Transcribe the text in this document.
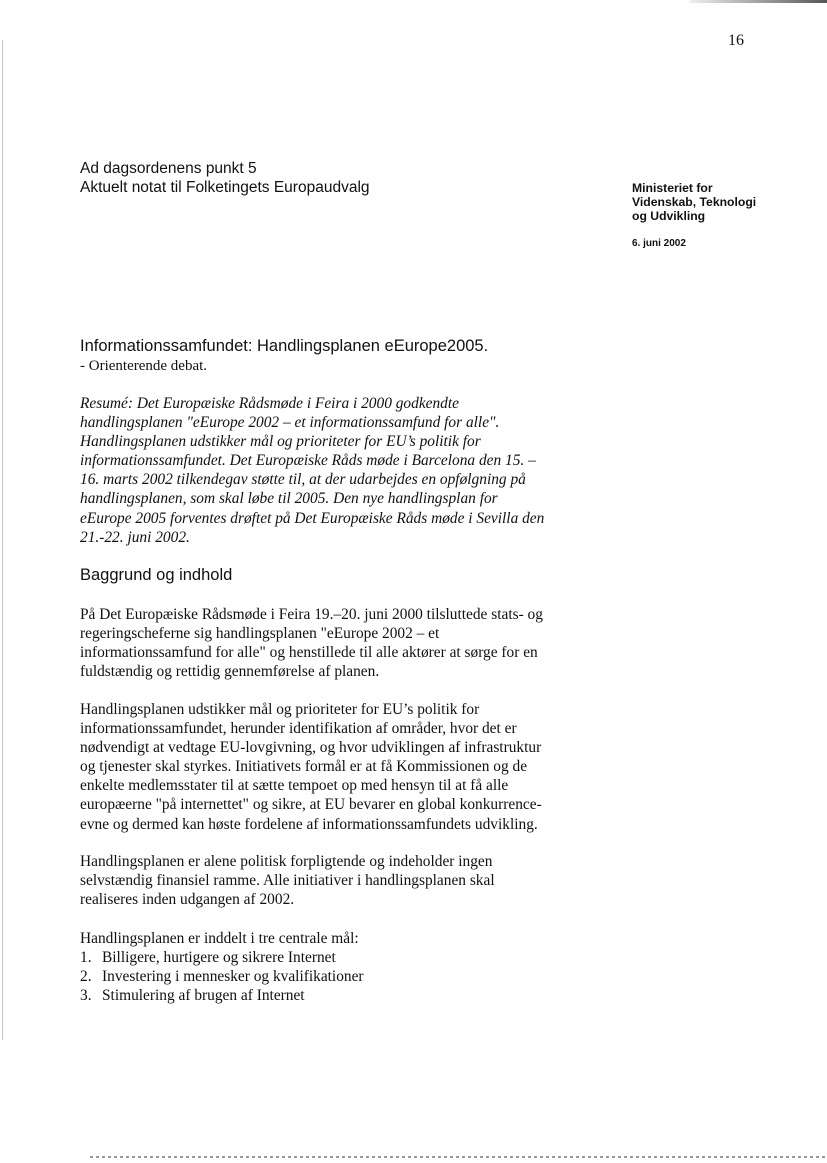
16
Ad dagsordenens punkt 5
Aktuelt notat til Folketingets Europaudvalg	Ministeriet for
Videnskab, Teknologi
og Udvikling
6. juni 2002
Informationssamfundet: Handlingsplanen eEurope2005.
- Orienterende debat.

Resumé: Det Europæiske Rådsmøde i Feira i 2000 godkendte

handlingsplanen "eEurope 2002 – et informationssamfund for alle".

Handlingsplanen udstikker mål og prioriteter for EU’s politik for

informationssamfundet. Det Europæiske Råds møde i Barcelona den 15. –

16. marts 2002 tilkendegav støtte til, at der udarbejdes en opfølgning på

handlingsplanen, som skal løbe til 2005. Den nye handlingsplan for

eEurope 2005 forventes drøftet på Det Europæiske Råds møde i Sevilla den

21.-22. juni 2002.

Baggrund og indhold

På Det Europæiske Rådsmøde i Feira 19.–20. juni 2000 tilsluttede stats- og

regeringscheferne sig handlingsplanen "eEurope 2002 – et

informationssamfund for alle" og henstillede til alle aktører at sørge for en

fuldstændig og rettidig gennemførelse af planen.

Handlingsplanen udstikker mål og prioriteter for EU’s politik for

informationssamfundet, herunder identifikation af områder, hvor det er

nødvendigt at vedtage EU-lovgivning, og hvor udviklingen af infrastruktur

og tjenester skal styrkes. Initiativets formål er at få Kommissionen og de

enkelte medlemsstater til at sætte tempoet op med hensyn til at få alle

europæerne "på internettet" og sikre, at EU bevarer en global konkurrence-

evne og dermed kan høste fordelene af informationssamfundets udvikling.

Handlingsplanen er alene politisk forpligtende og indeholder ingen

selvstændig finansiel ramme. Alle initiativer i handlingsplanen skal

realiseres inden udgangen af 2002.

Handlingsplanen er inddelt i tre centrale mål:

1. Billigere, hurtigere og sikrere Internet
2. Investering i mennesker og kvalifikationer
3. Stimulering af brugen af Internet
